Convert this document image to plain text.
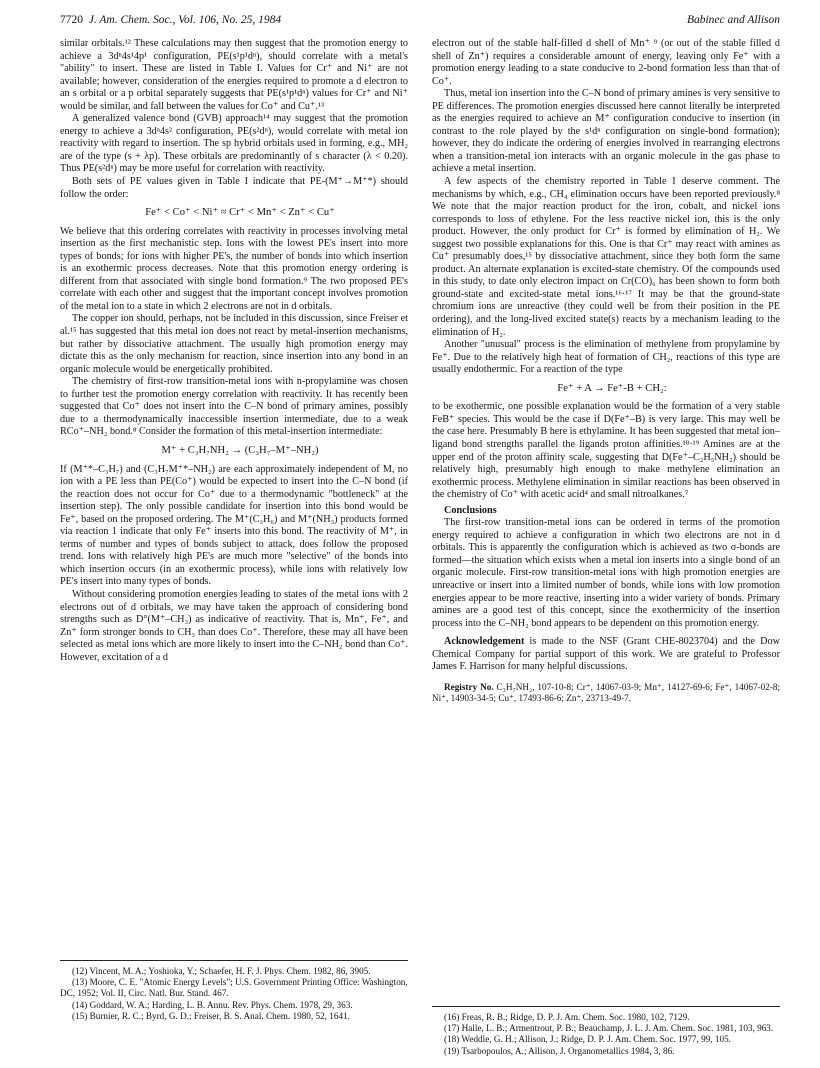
7720 J. Am. Chem. Soc., Vol. 106, No. 25, 1984	Babinec and Allison

similar orbitals.¹² These calculations may then suggest that the promotion energy to achieve a 3dⁿ4s¹4p¹ configuration, PE(s¹p¹dⁿ), should correlate with a metal's "ability" to insert. These are listed in Table I. Values for Cr⁺ and Ni⁺ are not available; however, consideration of the energies required to promote a d electron to an s orbital or a p orbital separately suggests that PE(s¹p¹dⁿ) values for Cr⁺ and Ni⁺ would be similar, and fall between the values for Co⁺ and Cu⁺.¹³

A generalized valence bond (GVB) approach¹⁴ may suggest that the promotion energy to achieve a 3dⁿ4s² configuration, PE(s²dⁿ), would correlate with metal ion reactivity with regard to insertion. The sp hybrid orbitals used in forming, e.g., MH₂ are of the type (s + λp). These orbitals are predominantly of s character (λ < 0.20). Thus PE(s²dⁿ) may be more useful for correlation with reactivity.

Both sets of PE values given in Table I indicate that PE-(M⁺→M⁺*) should follow the order:

Fe⁺ < Co⁺ < Ni⁺ ≈ Cr⁺ < Mn⁺ < Zn⁺ < Cu⁺

We believe that this ordering correlates with reactivity in processes involving metal insertion as the first mechanistic step. Ions with the lowest PE's insert into more types of bonds; for ions with higher PE's, the number of bonds into which insertion is an exothermic process decreases. Note that this promotion energy ordering is different from that associated with single bond formation.⁹ The two proposed PE's correlate with each other and suggest that the important concept involves promotion of the metal ion to a state in which 2 electrons are not in d orbitals.

The copper ion should, perhaps, not be included in this discussion, since Freiser et al.¹⁵ has suggested that this metal ion does not react by metal-insertion mechanisms, but rather by dissociative attachment. The usually high promotion energy may dictate this as the only mechanism for reaction, since insertion into any bond in an organic molecule would be energetically prohibited.

The chemistry of first-row transition-metal ions with n-propylamine was chosen to further test the promotion energy correlation with reactivity. It has recently been suggested that Co⁺ does not insert into the C–N bond of primary amines, possibly due to a thermodynamically inaccessible insertion intermediate, due to a weak RCo⁺–NH₂ bond.⁸ Consider the formation of this metal-insertion intermediate:

M⁺ + C₃H₇NH₂ → (C₃H₇–M⁺–NH₂)

If (M⁺*–C₃H₇) and (C₃H₇M⁺*–NH₂) are each approximately independent of M, no ion with a PE less than PE(Co⁺) would be expected to insert into the C–N bond (if the reaction does not occur for Co⁺ due to a thermodynamic "bottleneck" at the insertion step). The only possible candidate for insertion into this bond would be Fe⁺, based on the proposed ordering. The M⁺(C₃H₆) and M⁺(NH₃) products formed via reaction 1 indicate that only Fe⁺ inserts into this bond. The reactivity of M⁺, in terms of number and types of bonds subject to attack, does follow the proposed trend. Ions with relatively high PE's are much more "selective" of the bonds into which insertion occurs (in an exothermic process), while ions with relatively low PE's insert into many types of bonds.

Without considering promotion energies leading to states of the metal ions with 2 electrons out of d orbitals, we may have taken the approach of considering bond strengths such as D°(M⁺–CH₃) as indicative of reactivity. That is, Mn⁺, Fe⁺, and Zn⁺ form stronger bonds to CH₃ than does Co⁺. Therefore, these may all have been selected as metal ions which are more likely to insert into the C–NH₂ bond than Co⁺. However, excitation of a d

electron out of the stable half-filled d shell of Mn⁺ ⁹ (or out of the stable filled d shell of Zn⁺) requires a considerable amount of energy, leaving only Fe⁺ with a promotion energy leading to a state conducive to 2-bond formation less than that of Co⁺.

Thus, metal ion insertion into the C–N bond of primary amines is very sensitive to PE differences. The promotion energies discussed here cannot literally be interpreted as the energies required to achieve an M⁺ configuration conducive to insertion (in contrast to the role played by the s¹dⁿ configuration on single-bond formation); however, they do indicate the ordering of energies involved in rearranging electrons when a transition-metal ion interacts with an organic molecule in the gas phase to achieve a metal insertion.

A few aspects of the chemistry reported in Table I deserve comment. The mechanisms by which, e.g., CH₄ elimination occurs have been reported previously.⁸ We note that the major reaction product for the iron, cobalt, and nickel ions corresponds to loss of ethylene. For the less reactive nickel ion, this is the only product. However, the only product for Cr⁺ is formed by elimination of H₂. We suggest two possible explanations for this. One is that Cr⁺ may react with amines as Cu⁺ presumably does,¹⁵ by dissociative attachment, since they both form the same product. An alternate explanation is excited-state chemistry. Of the compounds used in this study, to date only electron impact on Cr(CO)₆ has been shown to form both ground-state and excited-state metal ions.¹⁶·¹⁷ It may be that the ground-state chromium ions are unreactive (they could well be from their position in the PE ordering), and the long-lived excited state(s) reacts by a mechanism leading to the elimination of H₂.

Another "unusual" process is the elimination of methylene from propylamine by Fe⁺. Due to the relatively high heat of formation of CH₂, reactions of this type are usually endothermic. For a reaction of the type

Fe⁺ + A → Fe⁺-B + CH₂:

to be exothermic, one possible explanation would be the formation of a very stable FeB⁺ species. This would be the case if D(Fe⁺–B) is very large. This may well be the case here. Presumably B here is ethylamine. It has been suggested that metal ion–ligand bond strengths parallel the ligands proton affinities.¹⁸·¹⁹ Amines are at the upper end of the proton affinity scale, suggesting that D(Fe⁺–C₂H₅NH₂) should be relatively high, presumably high enough to make methylene elimination an exothermic process. Methylene elimination in similar reactions has been observed in the chemistry of Co⁺ with acetic acid⁴ and small nitroalkanes.⁷

Conclusions

The first-row transition-metal ions can be ordered in terms of the promotion energy required to achieve a configuration in which two electrons are not in d orbitals. This is apparently the configuration which is achieved as two σ-bonds are formed—the situation which exists when a metal ion inserts into a single bond of an organic molecule. First-row transition-metal ions with high promotion energies are unreactive or insert into a limited number of bonds, while ions with low promotion energies appear to be more reactive, inserting into a wider variety of bonds. Primary amines are a good test of this concept, since the exothermicity of the insertion process into the C–NH₂ bond appears to be dependent on this promotion energy.

Acknowledgement is made to the NSF (Grant CHE-8023704) and the Dow Chemical Company for partial support of this work. We are grateful to Professor James F. Harrison for many helpful discussions.

Registry No. C₃H₇NH₂, 107-10-8; Cr⁺, 14067-03-9; Mn⁺, 14127-69-6; Fe⁺, 14067-02-8; Ni⁺, 14903-34-5; Cu⁺, 17493-86-6; Zn⁺, 23713-49-7.

(12) Vincent, M. A.; Yoshioka, Y.; Schaefer, H. F. J. Phys. Chem. 1982, 86, 3905.

(13) Moore, C. E. "Atomic Energy Levels"; U.S. Government Printing Office: Washington, DC, 1952; Vol. II, Circ. Natl. Bur. Stand. 467.

(14) Goddard, W. A.; Harding, L. B. Annu. Rev. Phys. Chem. 1978, 29, 363.

(15) Burnier, R. C.; Byrd, G. D.; Freiser, B. S. Anal. Chem. 1980, 52, 1641.	(16) Freas, R. B.; Ridge, D. P. J. Am. Chem. Soc. 1980, 102, 7129.

(17) Halle, L. B.; Armentrout, P. B.; Beauchamp, J. L. J. Am. Chem. Soc. 1981, 103, 963.

(18) Weddle, G. H.; Allison, J.; Ridge, D. P. J. Am. Chem. Soc. 1977, 99, 105.

(19) Tsarbopoulos, A.; Allison, J. Organometallics 1984, 3, 86.
